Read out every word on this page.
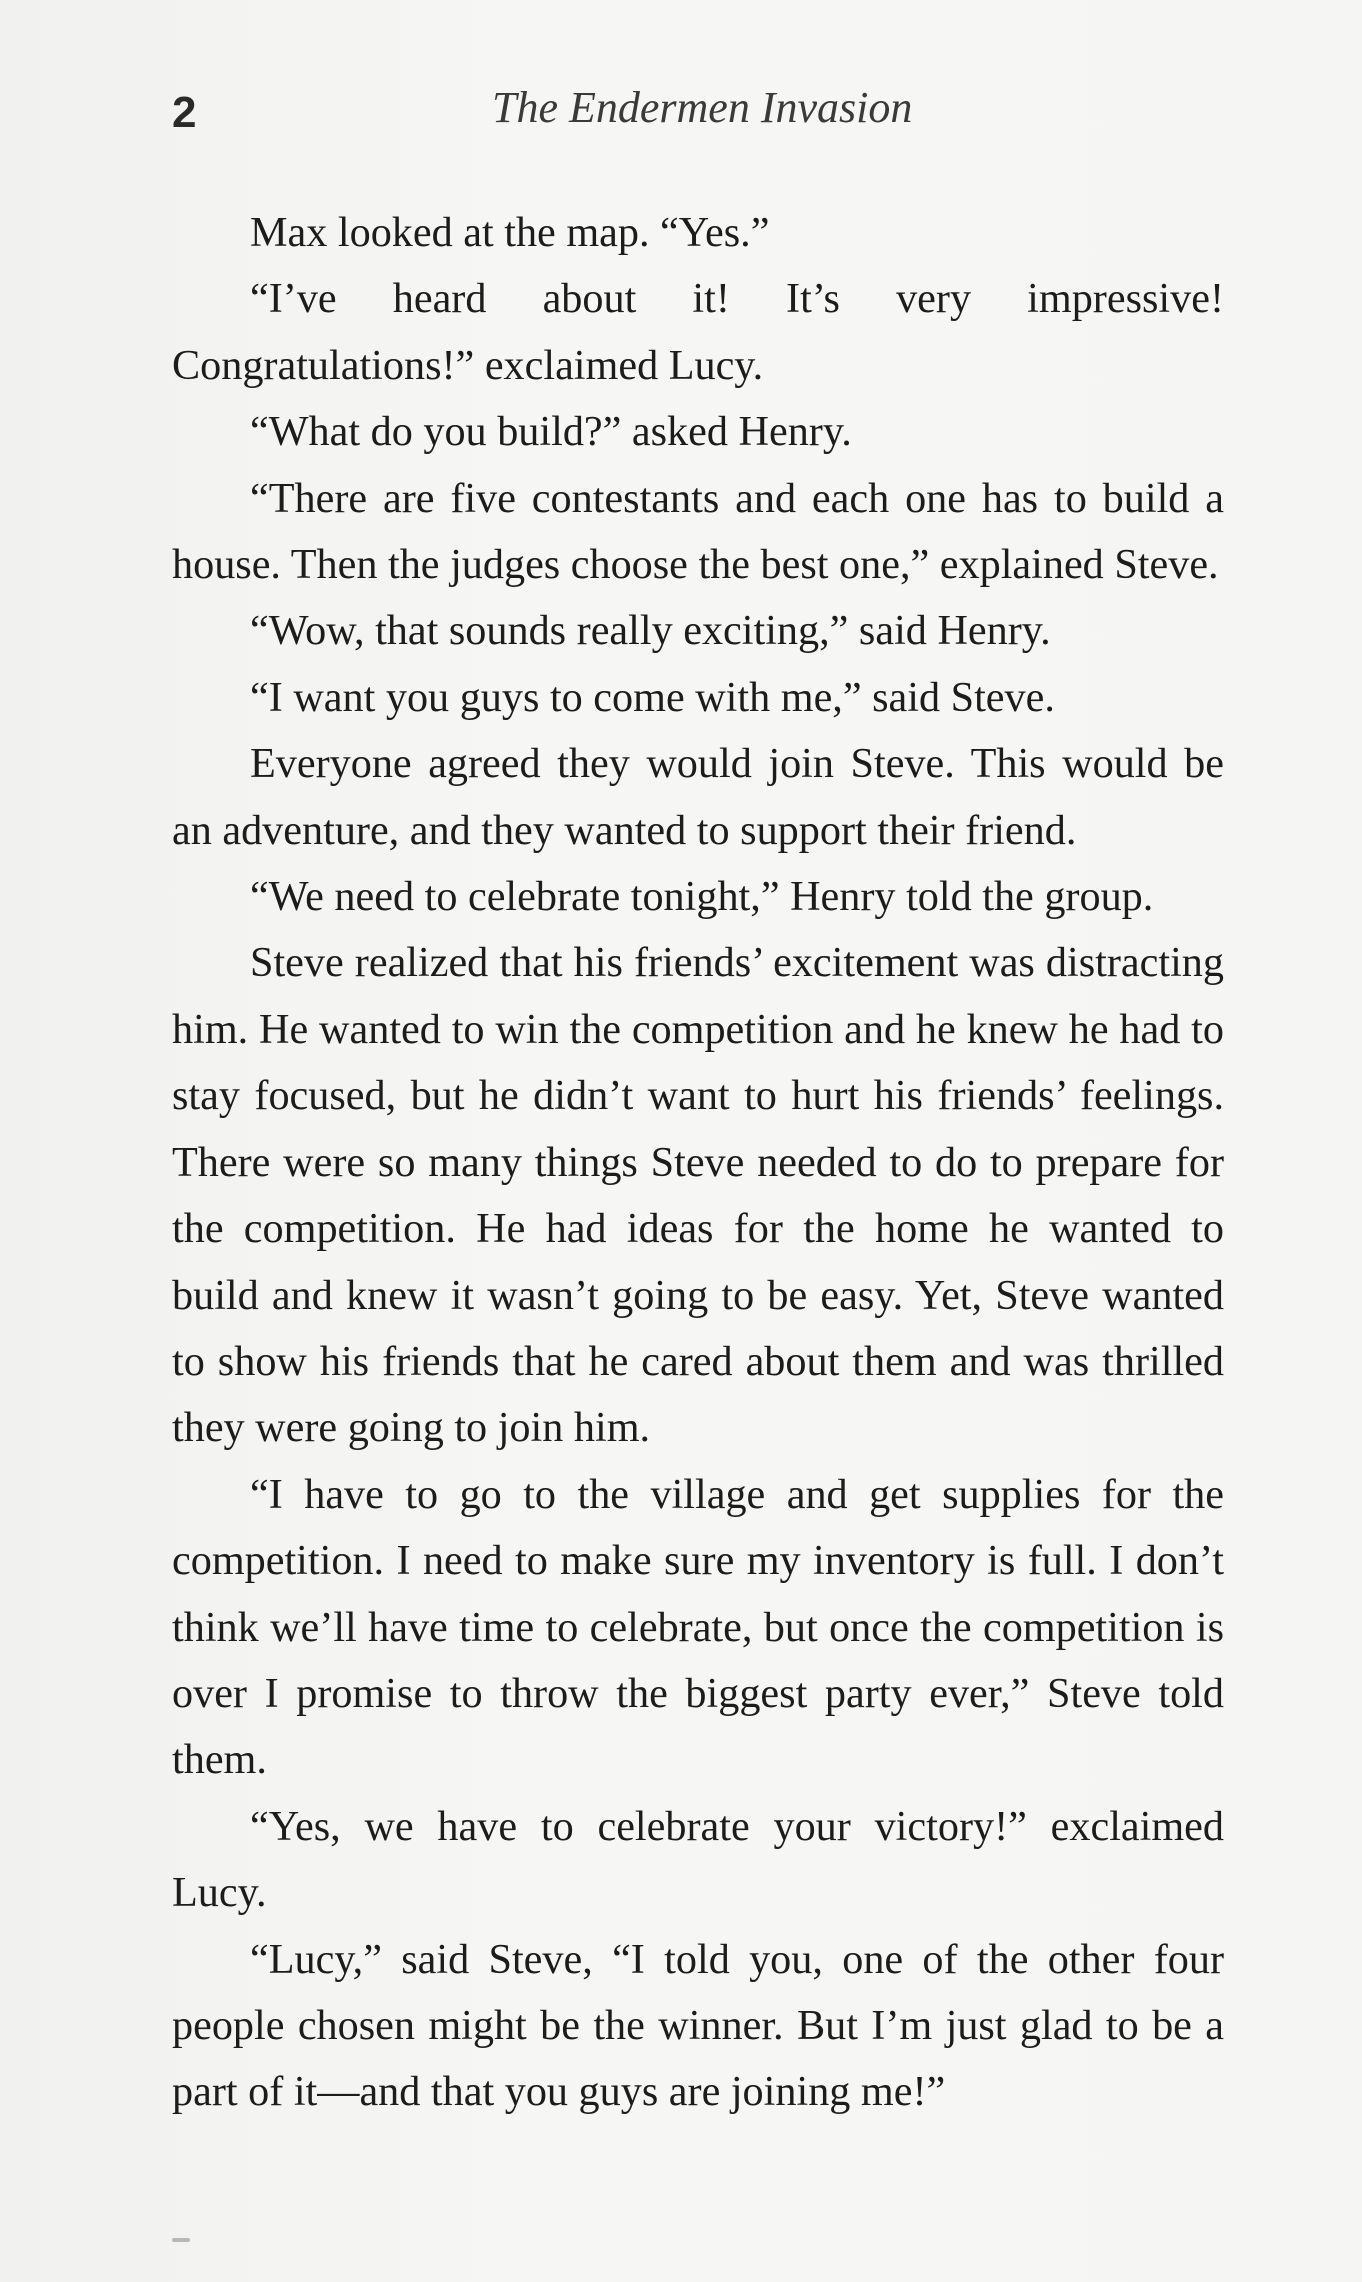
2	The Endermen Invasion

Max looked at the map. “Yes.”

“I’ve heard about it! It’s very impressive! Congratulations!” exclaimed Lucy.

“What do you build?” asked Henry.

“There are five contestants and each one has to build a house. Then the judges choose the best one,” explained Steve.

“Wow, that sounds really exciting,” said Henry.

“I want you guys to come with me,” said Steve.

Everyone agreed they would join Steve. This would be an adventure, and they wanted to support their friend.

“We need to celebrate tonight,” Henry told the group.

Steve realized that his friends’ excitement was distracting him. He wanted to win the competition and he knew he had to stay focused, but he didn’t want to hurt his friends’ feelings. There were so many things Steve needed to do to prepare for the competition. He had ideas for the home he wanted to build and knew it wasn’t going to be easy. Yet, Steve wanted to show his friends that he cared about them and was thrilled they were going to join him.

“I have to go to the village and get supplies for the competition. I need to make sure my inventory is full. I don’t think we’ll have time to celebrate, but once the competition is over I promise to throw the biggest party ever,” Steve told them.

“Yes, we have to celebrate your victory!” exclaimed Lucy.

“Lucy,” said Steve, “I told you, one of the other four people chosen might be the winner. But I’m just glad to be a part of it—and that you guys are joining me!”
